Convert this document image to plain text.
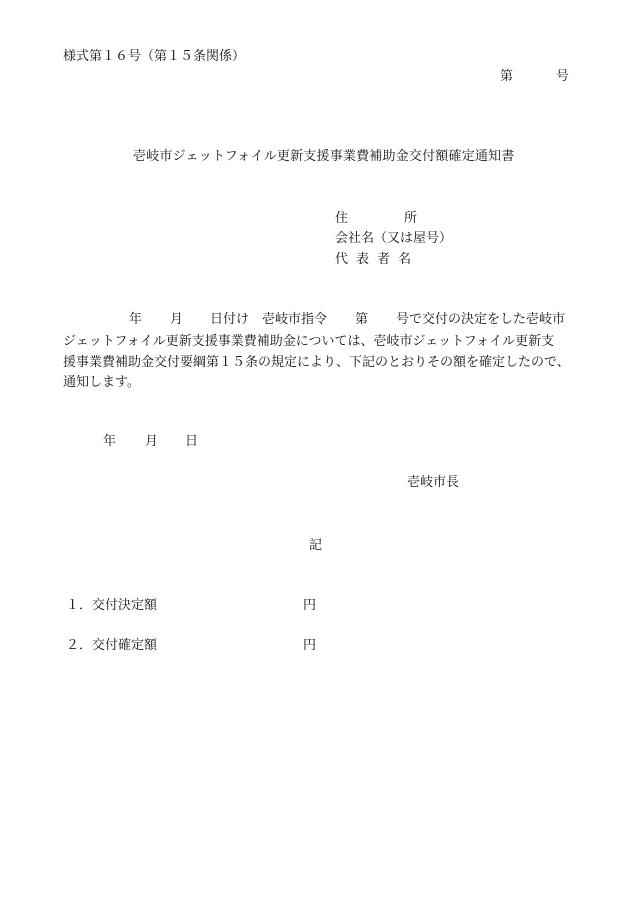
様式第１６号（第１５条関係）
第	号
壱岐市ジェットフォイル更新支援事業費補助金交付額確定通知書
住	所
会社名（又は屋号）
代 表 者 名
年 月 日付け 壱岐市指令 第 号で交付の決定をした壱岐市
ジェットフォイル更新支援事業費補助金については、壱岐市ジェットフォイル更新支
援事業費補助金交付要綱第１５条の規定により、下記のとおりその額を確定したので、
通知します。
年 月 日
壱岐市長
記
１．交付決定額	円
２．交付確定額	円
